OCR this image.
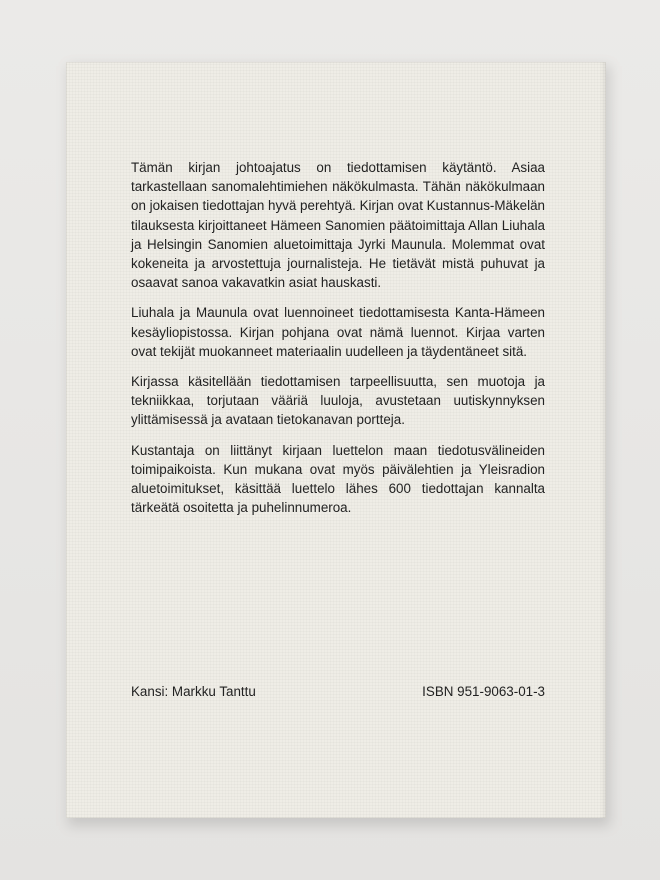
Tämän kirjan johtoajatus on tiedottamisen käytäntö. Asiaa tarkastellaan sanomalehtimiehen näkökulmasta. Tähän näkökulmaan on jokaisen tiedottajan hyvä perehtyä. Kirjan ovat Kustannus-Mäkelän tilauksesta kirjoittaneet Hämeen Sanomien päätoimittaja Allan Liuhala ja Helsingin Sanomien aluetoimittaja Jyrki Maunula. Molemmat ovat kokeneita ja arvostettuja journalisteja. He tietävät mistä puhuvat ja osaavat sanoa vakavatkin asiat hauskasti.

Liuhala ja Maunula ovat luennoineet tiedottamisesta Kanta-Hämeen kesäyliopistossa. Kirjan pohjana ovat nämä luennot. Kirjaa varten ovat tekijät muokanneet materiaalin uudelleen ja täydentäneet sitä.

Kirjassa käsitellään tiedottamisen tarpeellisuutta, sen muotoja ja tekniikkaa, torjutaan vääriä luuloja, avustetaan uutiskynnyksen ylittämisessä ja avataan tietokanavan portteja.

Kustantaja on liittänyt kirjaan luettelon maan tiedotusvälineiden toimipaikoista. Kun mukana ovat myös päivälehtien ja Yleisradion aluetoimitukset, käsittää luettelo lähes 600 tiedottajan kannalta tärkeätä osoitetta ja puhelinnumeroa.

Kansi: Markku Tanttu	ISBN 951-9063-01-3
